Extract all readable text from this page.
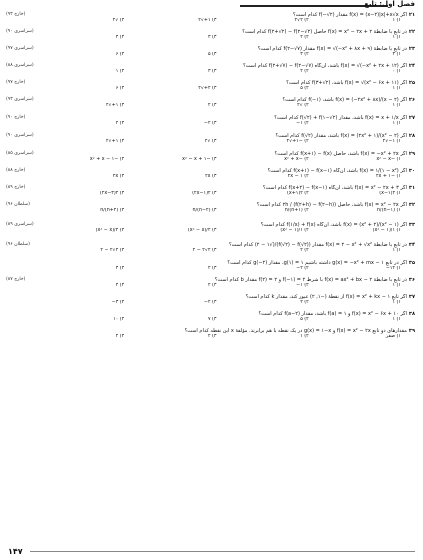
فصل اول: تابع
۲۱اگر f(x) = (x−۲)|x|+x√x مقدار f(−√۲) کدام است؟
(خارج ۹۳)
۱) ۱
۲) ۲√۲
۳) ۱+√۲
۴) √۲
۲۲در تابع با ضابطهٔ f(x) = x² − ۲x + ۲ حاصل f(۲+√۲) − f(۲−√۲) کدام است؟
(سراسری ۹۰)
۱) ۱
۲) ۲
۳) ۳
۴) ۴
۲۳در تابع با ضابطهٔ f(x) = √(−x² + ۸x + ۹) مقدار f(۲−√۷) کدام است؟
(سراسری ۹۷)
۱) ۴
۲) ۳
۳) ۵
۴) ۶
۲۴اگر f(x) = √(−x² + ۲x + ۱۲) باشد، آن‌گاه f(۲+√۷) − f(۲−√۷) کدام است؟
(سراسری ۸۸)
۱) ۰
۲) ۲
۳) ۳
۴) ۱
۲۵اگر f(x) = √(x² − ۶x + ۱۱) باشد، f(۳+√۲) کدام است؟
(خارج ۹۷)
۱) ۱
۲) ۵
۳) ۲+√۲
۴) ۶
۲۶اگر f(x) = (−۲x² + ۸x)/(x − ۲) باشد، f(−۱) کدام است؟
(سراسری ۹۳)
۱) ۱
۲) √۲
۳) ۲
۴) ۱+√۲
۲۷اگر f(x) = x + ۱/x باشد، مقدار f(√۲) + f(۱−√۲) کدام است؟
(خارج ۹۰)
۱) ۱
۲) ۱−
۳) ۲−
۴) ۲
۲۸اگر f(x) = (۲x² + ۱)/(x² − ۲) باشد، مقدار f(√۲) کدام است؟
(سراسری ۹۰)
۱) ۱−√۲
۲) −۱+√۲
۳) √۲
۴) ۱+√۲
۲۹اگر f(x) = −x² + ۲x باشد، حاصل f(x+۱) − f(x) کدام است؟
(سراسری ۸۵)
۱) −x² − x
۲) −x² + x
۳) −x² − x + ۱
۴) −x² + x − ۱
۳۰اگر f(x) = ۱/(۱ − x²) باشد، آن‌گاه f(x+۱) − f(x−۱) کدام است؟
(خارج ۸۸)
۱) −۲x + ۱
۲) ۲x − ۱
۳) ۲x
۴) ۲x
۳۱اگر f(x) = x² − ۲x + ۳ باشد، آن‌گاه f(x+۲) − f(x−۱) کدام است؟
(خارج ۸۹)
۱) ۲(x−۱)
۲) ۲(x+۱)
۳) ۲(۲x−۱)
۴) ۲(۲x−۳)
۳۲اگر f(x) = x² − ۲x باشد، حاصل (f(۲+h) − f(۲−h)) / ۲h کدام است؟
(سلطان ۹۶)
۱) (h−۱)/h
۲) (h+۱)/h
۳) (h−۲)/h
۴) (h+۲)/h
۳۳اگر f(x) = (x² + ۲)/(x² − ۱) باشد، آن‌گاه f(۱/x) + f(x) کدام است؟
(سراسری ۸۹)
۱) ۱/(x² − ۱)
۲) ۱/(۱ − x²)
۳) ۲/(x² − x)
۴) ۲/(x² − x)
۳۴در تابع با ضابطهٔ f(x) = ۲ − x² + √x² مقدار (f(√۲) − f(√۲))/(√۲ − ۱) کدام است؟
(سلطان ۹۶)
۱) ۱
۲) ۲
۳) ۲√۲ − ۲
۴) ۲√۲ − ۲
۳۵اگر در تابع g(x) = −x² + mx − ۱ داشته باشیم g(۱) = ۱، مقدار g(−۲) کدام است؟
۱) ۱۲−
۲) ۲−
۳) ۲
۴) ۴
۳۶در تابع با ضابطهٔ f(x) = ax² + bx − ۲ با شرط f(−۱) = ۲ و f(۲) = ۲ مقدار b کدام است؟
(خارج ۸۷)
۱) ۱
۲) ۱−
۳) ۲
۴) ۲
۳۷اگر تابع f(x) = x² + kx − ۱ از نقطهٔ (−۱, ۲) عبور کند، مقدار k کدام است؟
۱) ۱
۲) ۲
۳) ۲−
۴) ۳−
۳۸اگر f(x) = x² − ۶x + ۱۰ و f(a) = ۱ باشد، مقدار f(a−۲) کدام است؟
۱) ۱
۲) ۵
۳) ۷
۴) ۱۰
۳۹مقدارهای دو تابع f(x) = x² − ۲x و g(x) = ۱−x در یک نقطه با هم برابرند. مؤلفهٔ x این نقطه کدام است؟
۱) صفر
۲) ۱
۳) ۲
۴) ۲
۱۴۷
